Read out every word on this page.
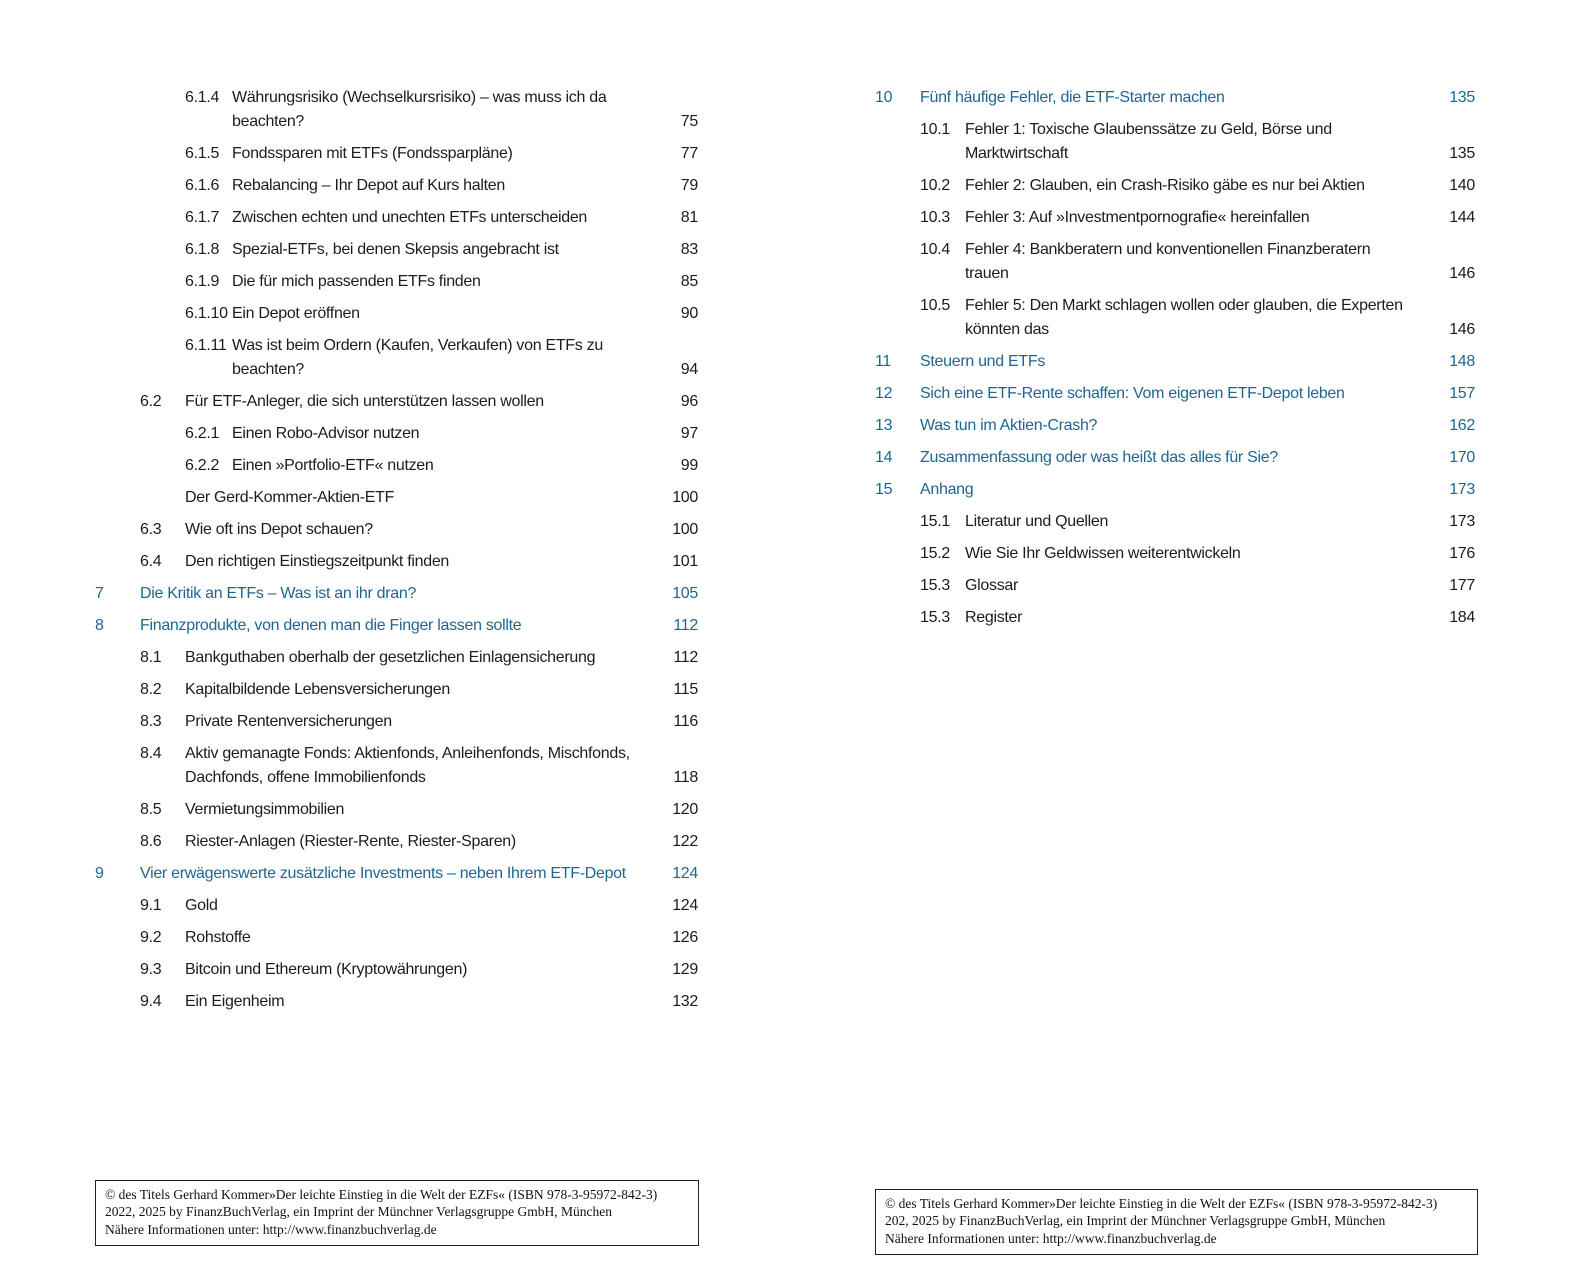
6.1.4 Währungsrisiko (Wechselkursrisiko) – was muss ich da
beachten?	75
6.1.5 Fondssparen mit ETFs (Fondssparpläne)	77
6.1.6 Rebalancing – Ihr Depot auf Kurs halten	79
6.1.7 Zwischen echten und unechten ETFs unterscheiden	81
6.1.8 Spezial-ETFs, bei denen Skepsis angebracht ist	83
6.1.9 Die für mich passenden ETFs finden	85
6.1.10 Ein Depot eröffnen	90
6.1.11 Was ist beim Ordern (Kaufen, Verkaufen) von ETFs zu
beachten?	94
6.2	Für ETF-Anleger, die sich unterstützen lassen wollen	96
6.2.1 Einen Robo-Advisor nutzen	97
6.2.2 Einen »Portfolio-ETF« nutzen	99
Der Gerd-Kommer-Aktien-ETF	100
6.3	Wie oft ins Depot schauen?	100
6.4	Den richtigen Einstiegszeitpunkt finden	101
7	Die Kritik an ETFs – Was ist an ihr dran?	105
8	Finanzprodukte, von denen man die Finger lassen sollte	112
8.1	Bankguthaben oberhalb der gesetzlichen Einlagensicherung	112
8.2	Kapitalbildende Lebensversicherungen	115
8.3	Private Rentenversicherungen	116
8.4	Aktiv gemanagte Fonds: Aktienfonds, Anleihenfonds, Mischfonds,
Dachfonds, offene Immobilienfonds	118
8.5	Vermietungsimmobilien	120
8.6	Riester-Anlagen (Riester-Rente, Riester-Sparen)	122
9	Vier erwägenswerte zusätzliche Investments – neben Ihrem ETF-Depot	124
9.1	Gold	124
9.2	Rohstoffe	126
9.3	Bitcoin und Ethereum (Kryptowährungen)	129
9.4	Ein Eigenheim	132
© des Titels Gerhard Kommer»Der leichte Einstieg in die Welt der EZFs« (ISBN 978-3-95972-842-3)
2022, 2025 by FinanzBuchVerlag, ein Imprint der Münchner Verlagsgruppe GmbH, München
Nähere Informationen unter: http://www.finanzbuchverlag.de
10	Fünf häufige Fehler, die ETF-Starter machen	135
10.1 Fehler 1: Toxische Glaubenssätze zu Geld, Börse und
Marktwirtschaft	135
10.2 Fehler 2: Glauben, ein Crash-Risiko gäbe es nur bei Aktien	140
10.3 Fehler 3: Auf »Investmentpornografie« hereinfallen	144
10.4 Fehler 4: Bankberatern und konventionellen Finanzberatern
trauen	146
10.5 Fehler 5: Den Markt schlagen wollen oder glauben, die Experten
könnten das	146
11	Steuern und ETFs	148
12	Sich eine ETF-Rente schaffen: Vom eigenen ETF-Depot leben	157
13	Was tun im Aktien-Crash?	162
14	Zusammenfassung oder was heißt das alles für Sie?	170
15	Anhang	173
15.1 Literatur und Quellen	173
15.2 Wie Sie Ihr Geldwissen weiterentwickeln	176
15.3 Glossar	177
15.3 Register	184
© des Titels Gerhard Kommer»Der leichte Einstieg in die Welt der EZFs« (ISBN 978-3-95972-842-3)
202, 2025 by FinanzBuchVerlag, ein Imprint der Münchner Verlagsgruppe GmbH, München
Nähere Informationen unter: http://www.finanzbuchverlag.de
